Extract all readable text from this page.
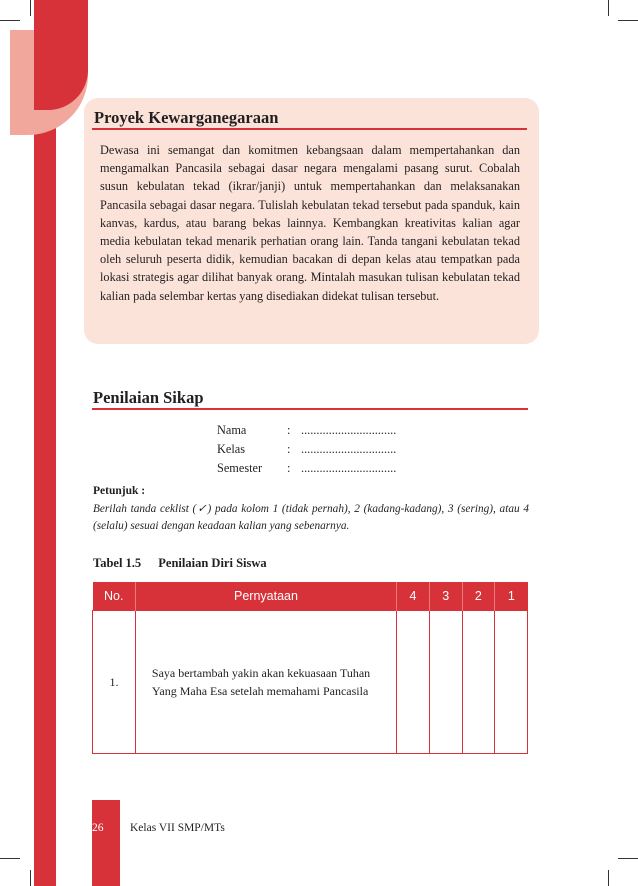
Proyek Kewarganegaraan
Dewasa ini semangat dan komitmen kebangsaan dalam mempertahankan dan mengamalkan Pancasila sebagai dasar negara mengalami pasang surut. Cobalah susun kebulatan tekad (ikrar/janji) untuk mempertahankan dan melaksanakan Pancasila sebagai dasar negara. Tulislah kebulatan tekad tersebut pada spanduk, kain kanvas, kardus, atau barang bekas lainnya. Kembangkan kreativitas kalian agar media kebulatan tekad menarik perhatian orang lain. Tanda tangani kebulatan tekad oleh seluruh peserta didik, kemudian bacakan di depan kelas atau tempatkan pada lokasi strategis agar dilihat banyak orang. Mintalah masukan tulisan kebulatan tekad kalian pada selembar kertas yang disediakan didekat tulisan tersebut.
Penilaian Sikap
Nama	: ...............................
Kelas	: ...............................
Semester	: ...............................
Petunjuk :
Berilah tanda ceklist (✓) pada kolom 1 (tidak pernah), 2 (kadang-kadang), 3 (sering), atau 4 (selalu) sesuai dengan keadaan kalian yang sebenarnya.
Tabel 1.5 Penilaian Diri Siswa
No.	Pernyataan	4	3	2	1
1.	Saya bertambah yakin akan kekuasaan Tuhan Yang Maha Esa setelah memahami Pancasila				
26 Kelas VII SMP/MTs
